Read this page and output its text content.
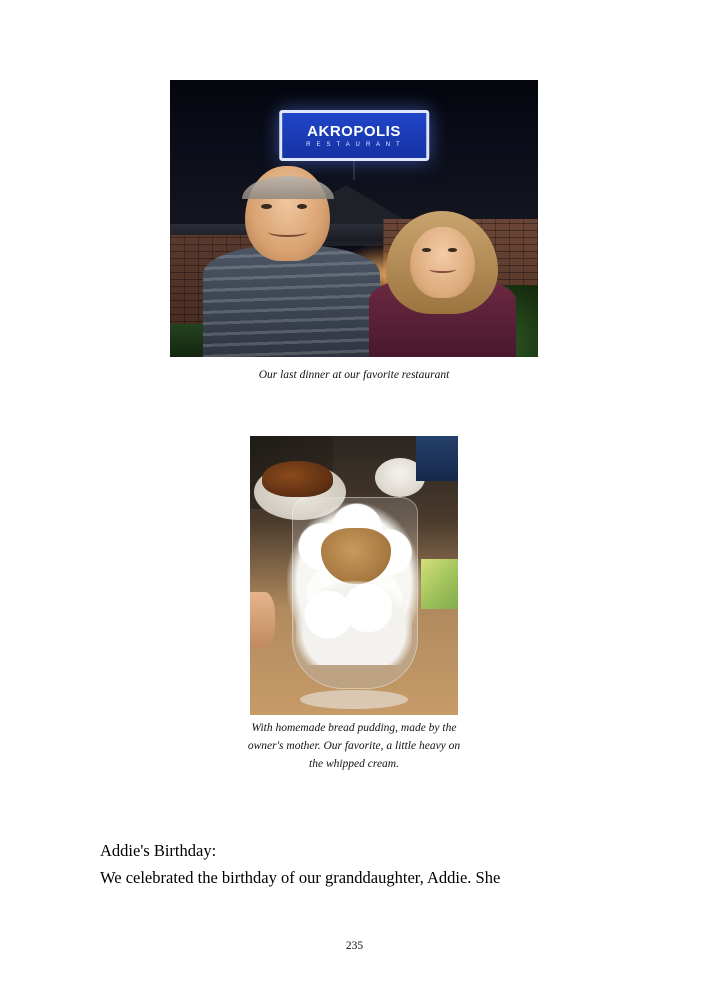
AKROPOLIS
R E S T A U R A N T
Our last dinner at our favorite restaurant
With homemade bread pudding, made by the owner's mother. Our favorite, a little heavy on the whipped cream.

Addie's Birthday:

We celebrated the birthday of our granddaughter, Addie. She

235
